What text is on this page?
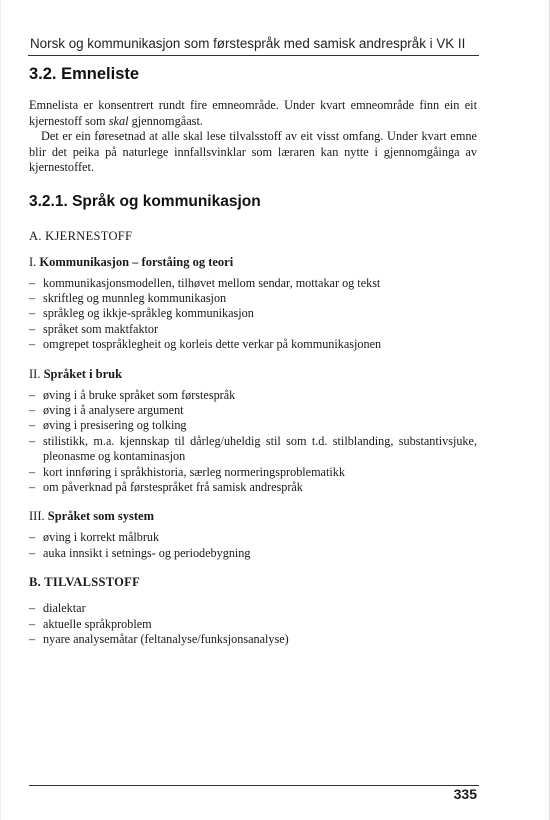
Norsk og kommunikasjon som førstespråk med samisk andrespråk i VK II
3.2. Emneliste

Emnelista er konsentrert rundt fire emneområde. Under kvart emneområde finn ein eit kjernestoff som skal gjennomgåast.

Det er ein føresetnad at alle skal lese tilvalsstoff av eit visst omfang. Under kvart emne blir det peika på naturlege innfallsvinklar som læraren kan nytte i gjennomgåinga av kjernestoffet.

3.2.1. Språk og kommunikasjon
A. KJERNESTOFF
I. Kommunikasjon – forståing og teori
– kommunikasjonsmodellen, tilhøvet mellom sendar, mottakar og tekst
– skriftleg og munnleg kommunikasjon
– språkleg og ikkje-språkleg kommunikasjon
– språket som maktfaktor
– omgrepet tospråklegheit og korleis dette verkar på kommunikasjonen
II. Språket i bruk
– øving i å bruke språket som førstespråk
– øving i å analysere argument
– øving i presisering og tolking
– stilistikk, m.a. kjennskap til dårleg/uheldig stil som t.d. stilblanding, substantivsjuke, pleonasme og kontaminasjon
– kort innføring i språkhistoria, særleg normeringsproblematikk
– om påverknad på førstespråket frå samisk andrespråk
III. Språket som system
– øving i korrekt målbruk
– auka innsikt i setnings- og periodebygning
B. TILVALSSTOFF
– dialektar
– aktuelle språkproblem
– nyare analysemåtar (feltanalyse/funksjonsanalyse)
335
